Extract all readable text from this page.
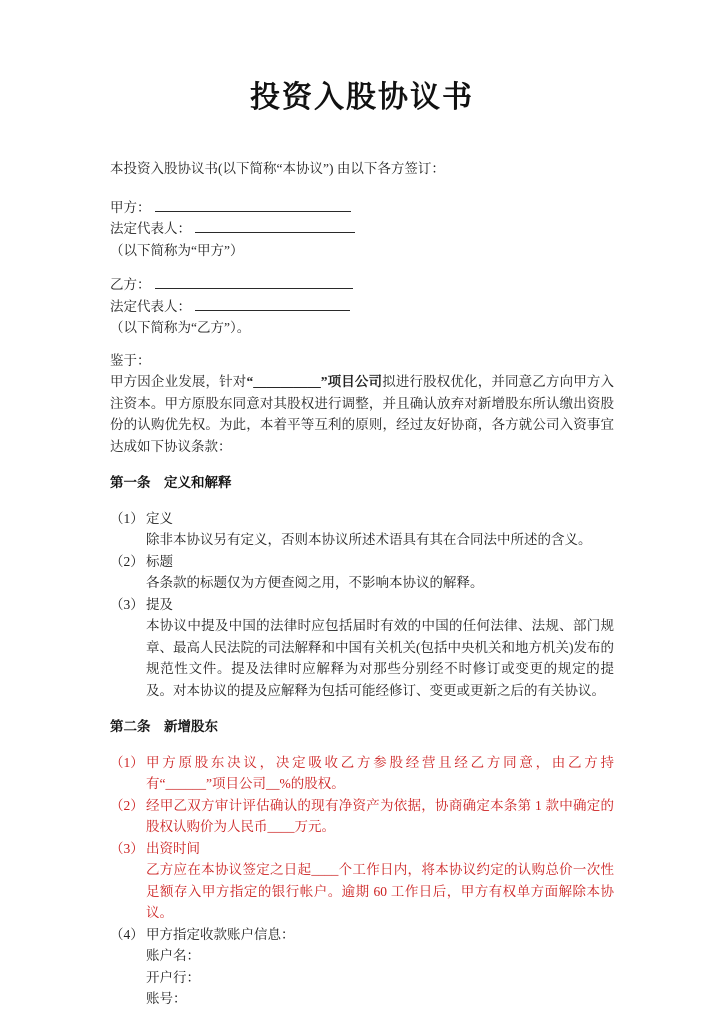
投资入股协议书

本投资入股协议书(以下简称“本协议”) 由以下各方签订：

甲方：
法定代表人：
（以下简称为“甲方”）
乙方：
法定代表人：
（以下简称为“乙方”）。
鉴于：
甲方因企业发展，针对“__________”项目公司拟进行股权优化，并同意乙方向甲方入注资本。甲方原股东同意对其股权进行调整，并且确认放弃对新增股东所认缴出资股份的认购优先权。为此，本着平等互利的原则，经过友好协商，各方就公司入资事宜达成如下协议条款：
第一条　定义和解释
（1） 定义
除非本协议另有定义，否则本协议所述术语具有其在合同法中所述的含义。
（2） 标题
各条款的标题仅为方便查阅之用，不影响本协议的解释。
（3） 提及
本协议中提及中国的法律时应包括届时有效的中国的任何法律、法规、部门规章、最高人民法院的司法解释和中国有关机关(包括中央机关和地方机关)发布的规范性文件。提及法律时应解释为对那些分别经不时修订或变更的规定的提及。对本协议的提及应解释为包括可能经修订、变更或更新之后的有关协议。
第二条　新增股东
（1） 甲方原股东决议，决定吸收乙方参股经营且经乙方同意，由乙方持有“______”项目公司__%的股权。
（2） 经甲乙双方审计评估确认的现有净资产为依据，协商确定本条第 1 款中确定的股权认购价为人民币____万元。
（3） 出资时间
乙方应在本协议签定之日起____个工作日内，将本协议约定的认购总价一次性足额存入甲方指定的银行帐户。逾期 60 工作日后，甲方有权单方面解除本协议。
（4） 甲方指定收款账户信息：
账户名：
开户行：
账号：
